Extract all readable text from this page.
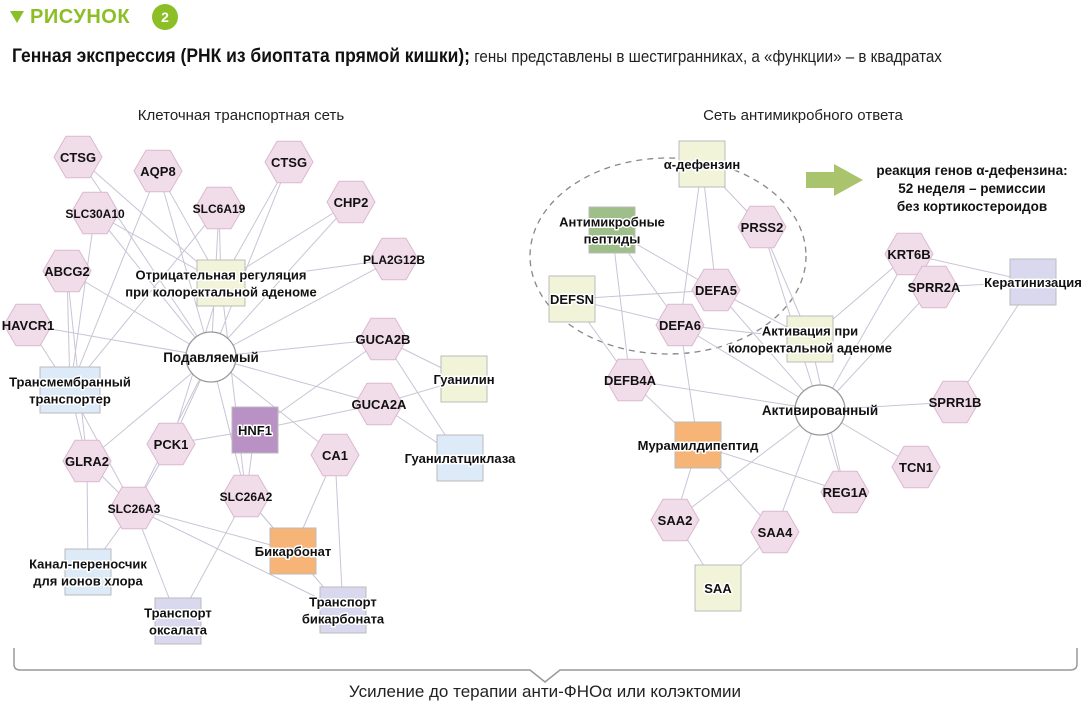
РИСУНОК	2
Генная экспрессия (РНК из биоптата прямой кишки); гены представлены в шестигранниках, а «функции» – в квадратах
Клеточная транспортная сеть	Сеть антимикробного ответа
реакция генов α-дефензина:
52 неделя – ремиссии
без кортикостероидов
Подавляемый
Активированный
Отрицательная регуляция
при колоректальной аденоме
Трансмембранный
транспортер
HNF1
Гуанилин
Гуанилатциклаза
Канал-переносчик
для ионов хлора
Бикарбонат
Транспорт
оксалата
Транспорт
бикарбоната
α-дефензин
Антимикробные
пептиды
DEFSN
Активация при
колоректальной аденоме
Кератинизация
Мурамилдипептид
SAA
CTSG
AQP8
CTSG
SLC30A10	SLC6A19	CHP2
ABCG2
PLA2G12B
HAVCR1
GUCA2B
GUCA2A
GLRA2
PCK1
CA1
SLC26A3
SLC26A2
PRSS2
DEFA5
DEFA6
DEFB4A
KRT6B
SPRR2A
SPRR1B
TCN1
REG1A
SAA2
SAA4
Усиление до терапии анти-ФНОα или колэктомии
